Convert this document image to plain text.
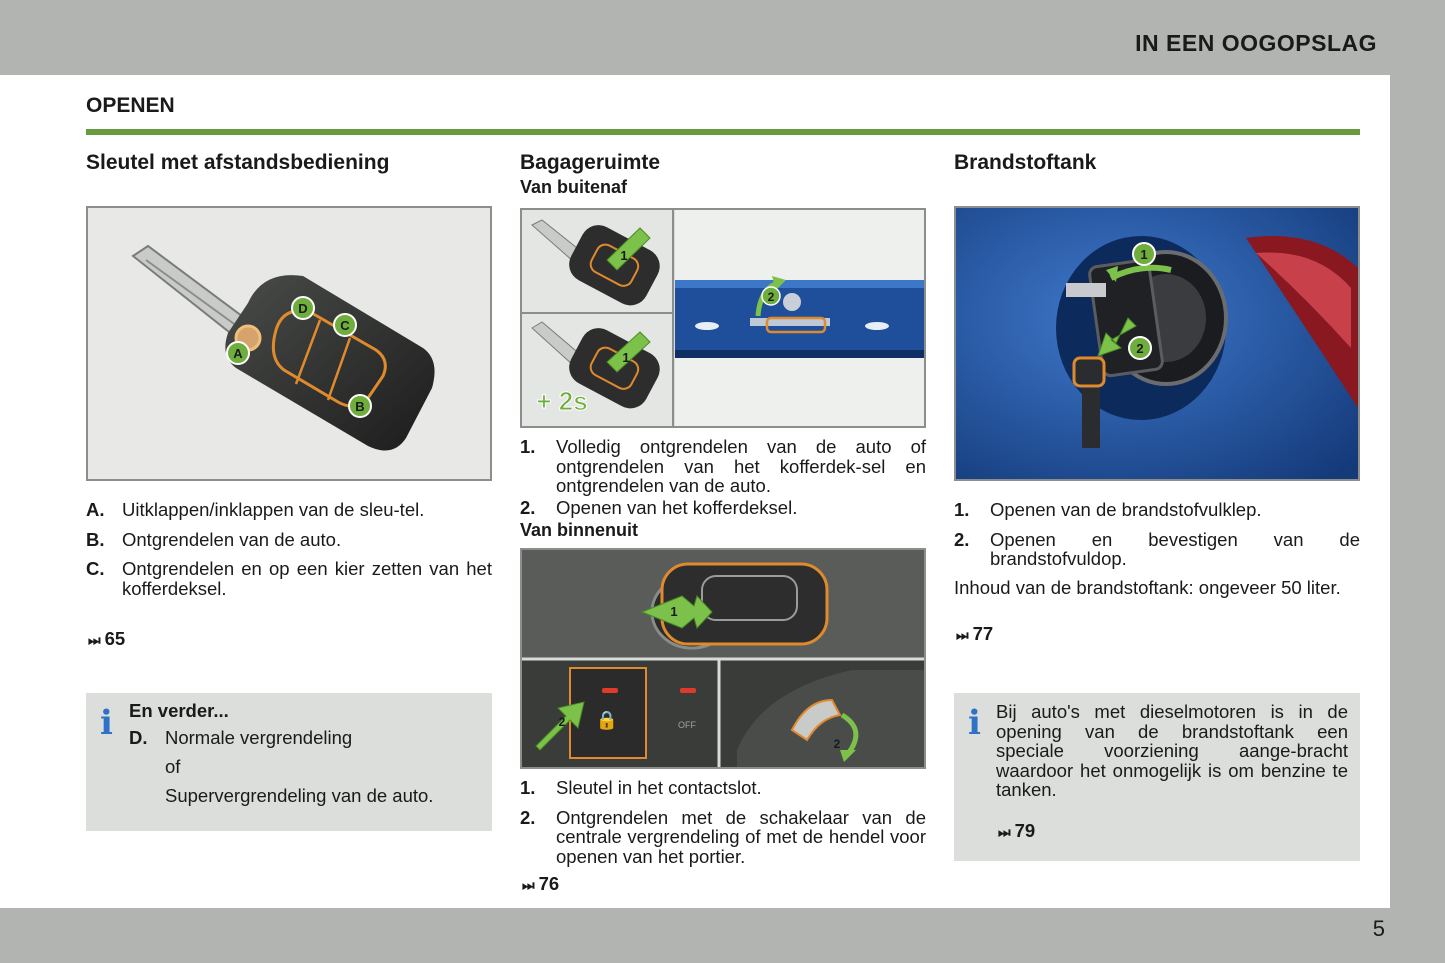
IN EEN OOGOPSLAG
5
OPENEN
Sleutel met afstandsbediening
D
C
A
B
A. Uitklappen/inklappen van de sleu-tel.
B. Ontgrendelen van de auto.
C. Ontgrendelen en op een kier zetten van het kofferdeksel.
⏭ 65
i En verder...
D. Normale vergrendeling
of
Supervergrendeling van de auto.
Bagageruimte
Van buitenaf
1
1
+ 2s
2
1. Volledig ontgrendelen van de auto of ontgrendelen van het kofferdek-sel en ontgrendelen van de auto.
2. Openen van het kofferdeksel.
Van binnenuit
1
🔒	OFF
2
2
1. Sleutel in het contactslot.
2. Ontgrendelen met de schakelaar van de centrale vergrendeling of met de hendel voor openen van het portier.
⏭ 76
Brandstoftank
1
2
1. Openen van de brandstofvulklep.
2. Openen en bevestigen van de brandstofvuldop.
Inhoud van de brandstoftank: ongeveer 50 liter.
⏭ 77
i Bij auto's met dieselmotoren is in de opening van de brandstoftank een speciale voorziening aange-bracht waardoor het onmogelijk is om benzine te tanken.
⏭ 79
